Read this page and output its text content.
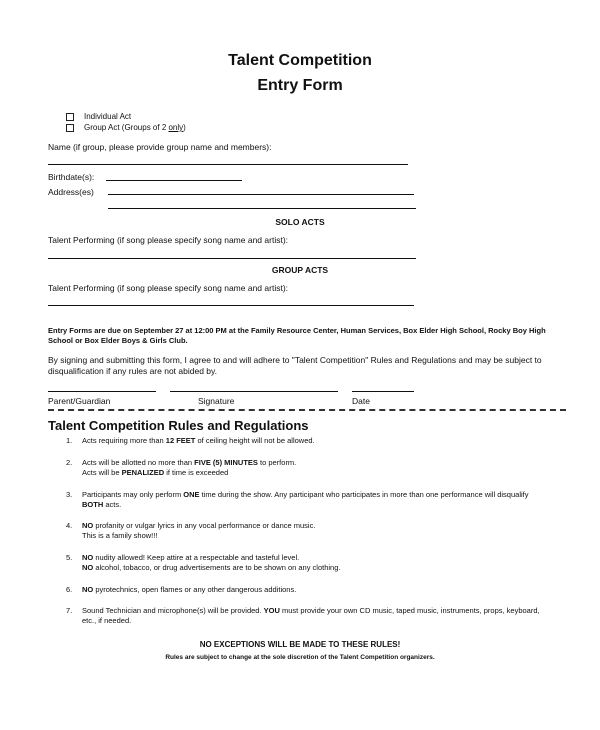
Talent Competition
Entry Form
Individual Act
Group Act (Groups of 2 only)
Name (if group, please provide group name and members):
Birthdate(s):
Address(es)
SOLO ACTS
Talent Performing (if song please specify song name and artist):
GROUP ACTS
Talent Performing (if song please specify song name and artist):
Entry Forms are due on September 27 at 12:00 PM at the Family Resource Center, Human Services, Box Elder High School, Rocky Boy High
School or Box Elder Boys & Girls Club.
By signing and submitting this form, I agree to and will adhere to "Talent Competition" Rules and Regulations and may be subject to
disqualification if any rules are not abided by.
Parent/Guardian	Signature	Date
Talent Competition Rules and Regulations
1. Acts requiring more than 12 FEET of ceiling height will not be allowed.
2. Acts will be allotted no more than FIVE (5) MINUTES to perform.
Acts will be PENALIZED if time is exceeded
3. Participants may only perform ONE time during the show. Any participant who participates in more than one performance will disqualify
BOTH acts.
4. NO profanity or vulgar lyrics in any vocal performance or dance music.
This is a family show!!!
5. NO nudity allowed! Keep attire at a respectable and tasteful level.
NO alcohol, tobacco, or drug advertisements are to be shown on any clothing.
6. NO pyrotechnics, open flames or any other dangerous additions.
7. Sound Technician and microphone(s) will be provided. YOU must provide your own CD music, taped music, instruments, props, keyboard,
etc., if needed.
NO EXCEPTIONS WILL BE MADE TO THESE RULES!
Rules are subject to change at the sole discretion of the Talent Competition organizers.
